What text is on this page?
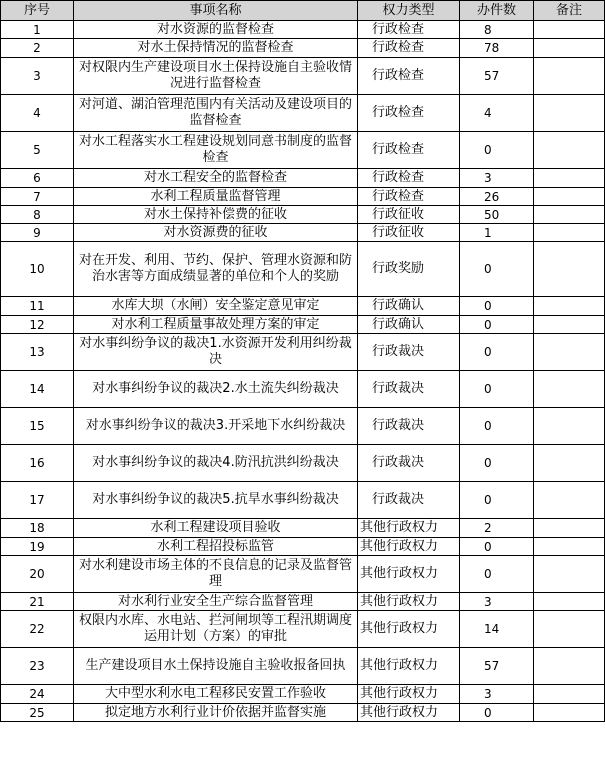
序号	事项名称	权力类型	办件数	备注
1	对水资源的监督检查	行政检查	8	
2	对水土保持情况的监督检查	行政检查	78	
3	对权限内生产建设项目水土保持设施自主验收情况进行监督检查	行政检查	57	
4	对河道、湖泊管理范围内有关活动及建设项目的监督检查	行政检查	4	
5	对水工程落实水工程建设规划同意书制度的监督检查	行政检查	0	
6	对水工程安全的监督检查	行政检查	3	
7	水利工程质量监督管理	行政检查	26	
8	对水土保持补偿费的征收	行政征收	50	
9	对水资源费的征收	行政征收	1	
10	对在开发、利用、节约、保护、管理水资源和防治水害等方面成绩显著的单位和个人的奖励	行政奖励	0	
11	水库大坝（水闸）安全鉴定意见审定	行政确认	0	
12	对水利工程质量事故处理方案的审定	行政确认	0	
13	对水事纠纷争议的裁决1.水资源开发利用纠纷裁决	行政裁决	0	
14	对水事纠纷争议的裁决2.水土流失纠纷裁决	行政裁决	0	
15	对水事纠纷争议的裁决3.开采地下水纠纷裁决	行政裁决	0	
16	对水事纠纷争议的裁决4.防汛抗洪纠纷裁决	行政裁决	0	
17	对水事纠纷争议的裁决5.抗旱水事纠纷裁决	行政裁决	0	
18	水利工程建设项目验收	其他行政权力	2	
19	水利工程招投标监管	其他行政权力	0	
20	对水利建设市场主体的不良信息的记录及监督管理	其他行政权力	0	
21	对水利行业安全生产综合监督管理	其他行政权力	3	
22	权限内水库、水电站、拦河闸坝等工程汛期调度运用计划（方案）的审批	其他行政权力	14	
23	生产建设项目水土保持设施自主验收报备回执	其他行政权力	57	
24	大中型水利水电工程移民安置工作验收	其他行政权力	3	
25	拟定地方水利行业计价依据并监督实施	其他行政权力	0	
